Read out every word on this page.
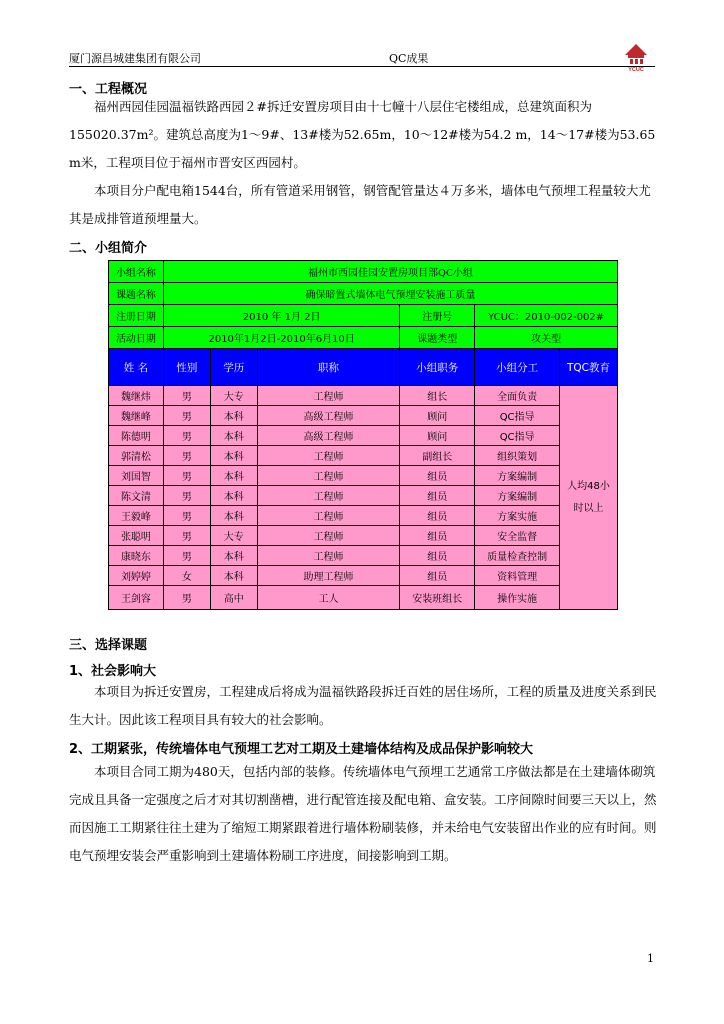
厦门源昌城建集团有限公司	QC成果
YCUC
一、工程概况
福州西园佳园温福铁路西园２#拆迁安置房项目由十七幢十八层住宅楼组成，总建筑面积为155020.37m²。建筑总高度为1～9#、13#楼为52.65m，10～12#楼为54.2 m，14～17#楼为53.65 m米，工程项目位于福州市晋安区西园村。
本项目分户配电箱1544台，所有管道采用钢管，钢管配管量达４万多米，墙体电气预埋工程量较大尤其是成排管道预埋量大。
二、小组简介
小组名称	福州市西园佳园安置房项目部QC小组					
课题名称	确保暗置式墙体电气预埋安装施工质量					
注册日期	2010 年 1月 2日			注册号	YCUC：2010-002-002#	
活动日期	2010年1月2日-2010年6月10日			课题类型	攻关型	
姓 名	性别	学历	职称	小组职务	小组分工	TQC教育
魏继炜	男	大专	工程师	组长	全面负责	人均48小时以上
魏继峰	男	本科	高级工程师	顾问	QC指导	
陈德明	男	本科	高级工程师	顾问	QC指导	
郭清松	男	本科	工程师	副组长	组织策划	
刘国智	男	本科	工程师	组员	方案编制	
陈文清	男	本科	工程师	组员	方案编制	
王毅峰	男	本科	工程师	组员	方案实施	
张聪明	男	大专	工程师	组员	安全监督	
康晓东	男	本科	工程师	组员	质量检查控制	
刘婷婷	女	本科	助理工程师	组员	资料管理	
王剑容	男	高中	工人	安装班组长	操作实施	
三、选择课题
1、社会影响大
本项目为拆迁安置房，工程建成后将成为温福铁路段拆迁百姓的居住场所，工程的质量及进度关系到民生大计。因此该工程项目具有较大的社会影响。
2、工期紧张，传统墙体电气预埋工艺对工期及土建墙体结构及成品保护影响较大
本项目合同工期为480天，包括内部的装修。传统墙体电气预埋工艺通常工序做法都是在土建墙体砌筑完成且具备一定强度之后才对其切割凿槽，进行配管连接及配电箱、盒安装。工序间隙时间要三天以上，然而因施工工期紧往往土建为了缩短工期紧跟着进行墙体粉刷装修，并未给电气安装留出作业的应有时间。则电气预埋安装会严重影响到土建墙体粉刷工序进度，间接影响到工期。
1
